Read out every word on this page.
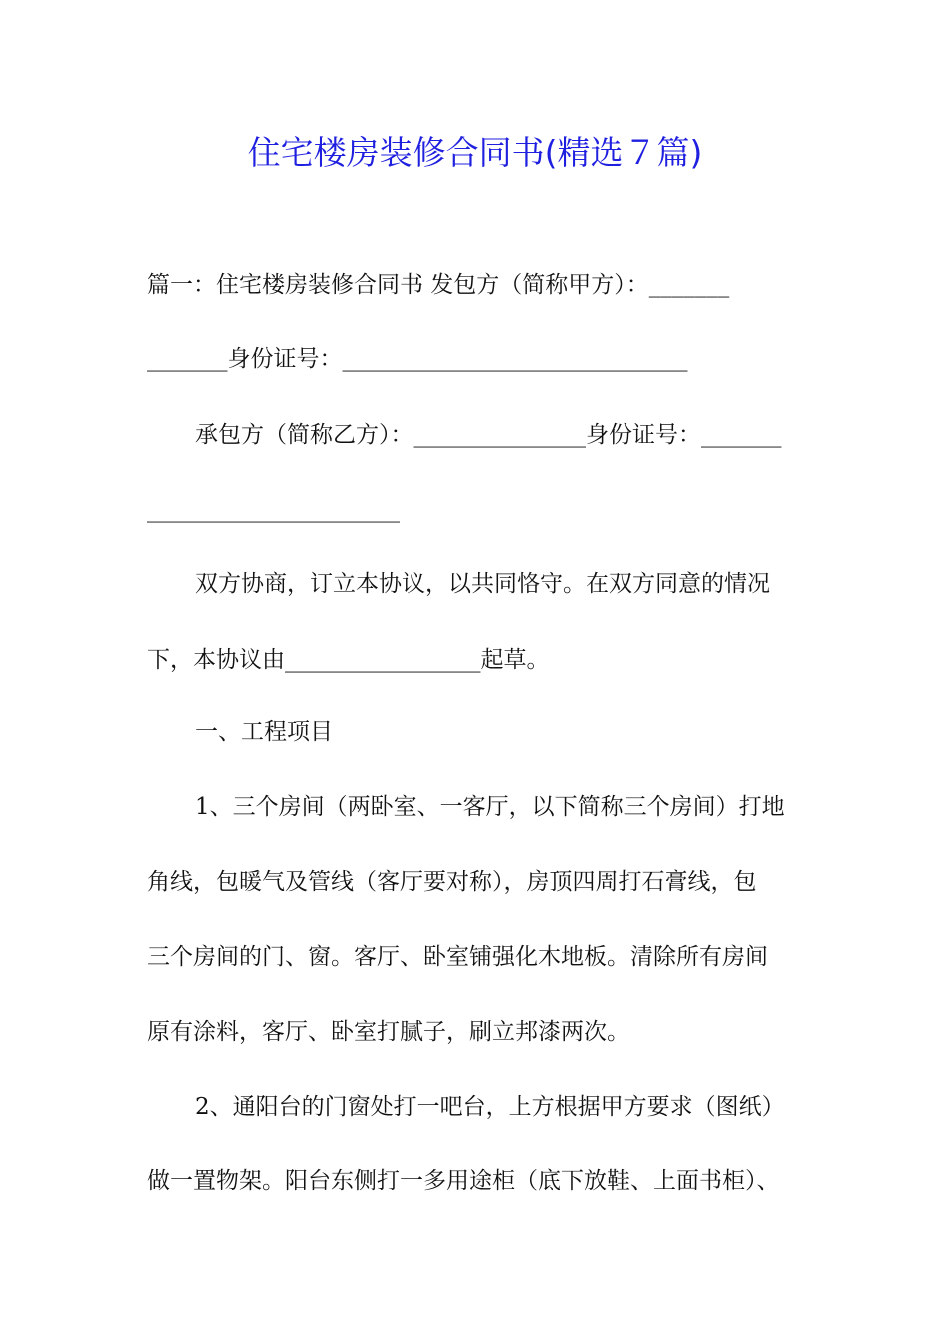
住宅楼房装修合同书(精选７篇)
篇一：住宅楼房装修合同书 发包方（简称甲方）：_______
_______身份证号：______________________________
承包方（简称乙方）：_______________身份证号：_______
______________________
双方协商，订立本协议，以共同恪守。在双方同意的情况
下，本协议由_________________起草。
一、工程项目
1、三个房间（两卧室、一客厅，以下简称三个房间）打地
角线，包暖气及管线（客厅要对称），房顶四周打石膏线，包
三个房间的门、窗。客厅、卧室铺强化木地板。清除所有房间
原有涂料，客厅、卧室打腻子，刷立邦漆两次。
2、通阳台的门窗处打一吧台，上方根据甲方要求（图纸）
做一置物架。阳台东侧打一多用途柜（底下放鞋、上面书柜）、
